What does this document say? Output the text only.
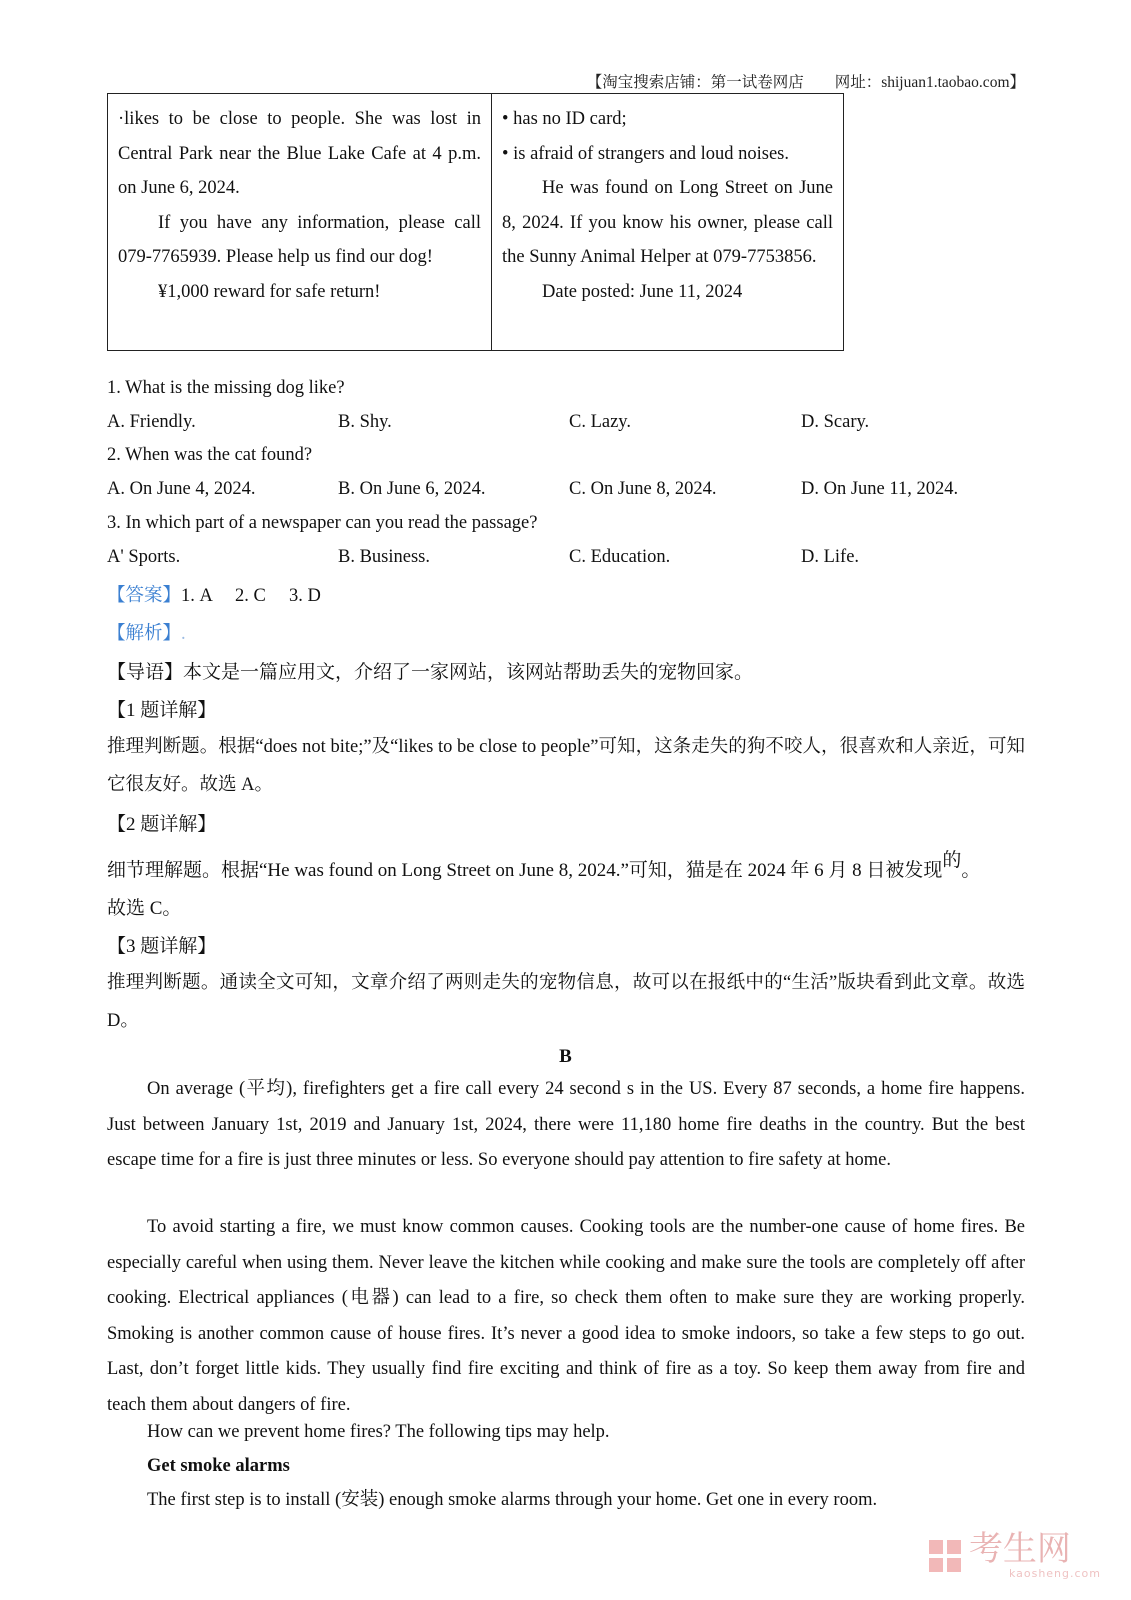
【淘宝搜索店铺：第一试卷网店　　网址：shijuan1.taobao.com】

·likes to be close to people. She was lost in Central Park near the Blue Lake Cafe at 4 p.m. on June 6, 2024.

If you have any information, please call 079-7765939. Please help us find our dog!

¥1,000 reward for safe return!

• has no ID card;

• is afraid of strangers and loud noises.

He was found on Long Street on June 8, 2024. If you know his owner, please call the Sunny Animal Helper at 079-7753856.

Date posted: June 11, 2024

1. What is the missing dog like?
A. Friendly.	B. Shy.	C. Lazy.	D. Scary.
2. When was the cat found?
A. On June 4, 2024.	B. On June 6, 2024.	C. On June 8, 2024.	D. On June 11, 2024.
3. In which part of a newspaper can you read the passage?
A' Sports.	B. Business.	C. Education.	D. Life.
【答案】1. A　 2. C　 3. D
【解析】.
【导语】本文是一篇应用文，介绍了一家网站，该网站帮助丢失的宠物回家。
【1 题详解】
推理判断题。根据“does not bite;”及“likes to be close to people”可知，这条走失的狗不咬人，很喜欢和人亲近，可知它很友好。故选 A。
【2 题详解】
细节理解题。根据“He was found on Long Street on June 8, 2024.”可知，猫是在 2024 年 6 月 8 日被发现的。
故选 C。
【3 题详解】
推理判断题。通读全文可知，文章介绍了两则走失的宠物信息，故可以在报纸中的“生活”版块看到此文章。故选 D。
B
On average (平均), firefighters get a fire call every 24 second s in the US. Every 87 seconds, a home fire happens. Just between January 1st, 2019 and January 1st, 2024, there were 11,180 home fire deaths in the country. But the best escape time for a fire is just three minutes or less. So everyone should pay attention to fire safety at home.
To avoid starting a fire, we must know common causes. Cooking tools are the number-one cause of home fires. Be especially careful when using them. Never leave the kitchen while cooking and make sure the tools are completely off after cooking. Electrical appliances (电器) can lead to a fire, so check them often to make sure they are working properly. Smoking is another common cause of house fires. It’s never a good idea to smoke indoors, so take a few steps to go out. Last, don’t forget little kids. They usually find fire exciting and think of fire as a toy. So keep them away from fire and teach them about dangers of fire.
How can we prevent home fires? The following tips may help.
Get smoke alarms
The first step is to install (安装) enough smoke alarms through your home. Get one in every room.
考生网
kaosheng.com
